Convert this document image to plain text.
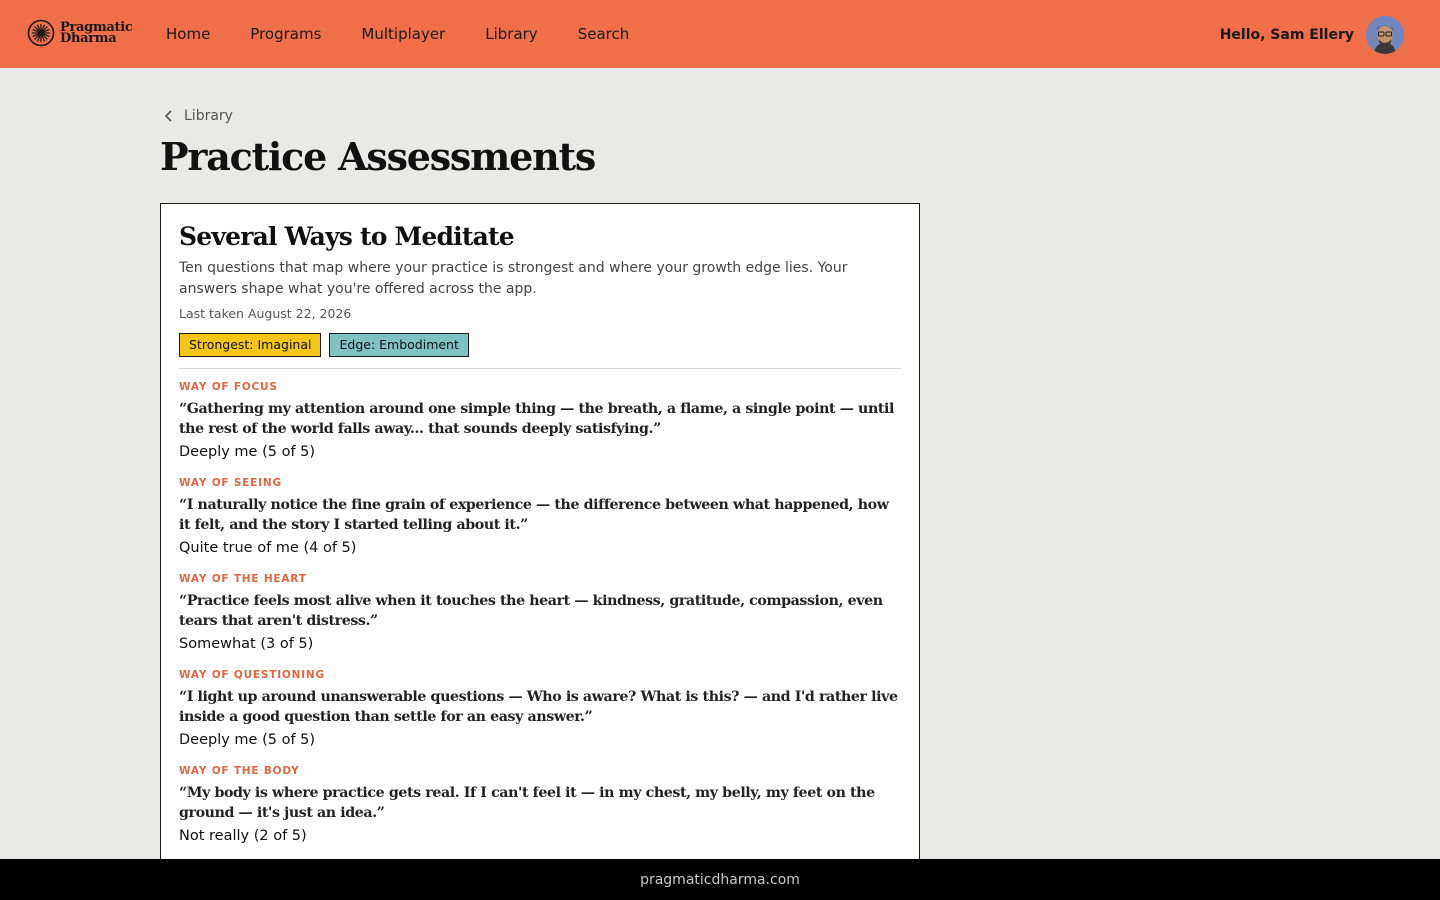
Pragmatic
Dharma	Home	Programs	Multiplayer	Library	Search	Hello, Sam Ellery
Library
Practice Assessments
Several Ways to Meditate

Ten questions that map where your practice is strongest and where your growth edge lies. Your answers shape what you're offered across the app.

Last taken August 22, 2026

Strongest: Imaginal	Edge: Embodiment
WAY OF FOCUS
“Gathering my attention around one simple thing — the breath, a flame, a single point — until the rest of the world falls away... that sounds deeply satisfying.”
Deeply me (5 of 5)
WAY OF SEEING
“I naturally notice the fine grain of experience — the difference between what happened, how it felt, and the story I started telling about it.”
Quite true of me (4 of 5)
WAY OF THE HEART
“Practice feels most alive when it touches the heart — kindness, gratitude, compassion, even tears that aren't distress.”
Somewhat (3 of 5)
WAY OF QUESTIONING
“I light up around unanswerable questions — Who is aware? What is this? — and I'd rather live inside a good question than settle for an easy answer.”
Deeply me (5 of 5)
WAY OF THE BODY
“My body is where practice gets real. If I can't feel it — in my chest, my belly, my feet on the ground — it's just an idea.”
Not really (2 of 5)
pragmaticdharma.com
